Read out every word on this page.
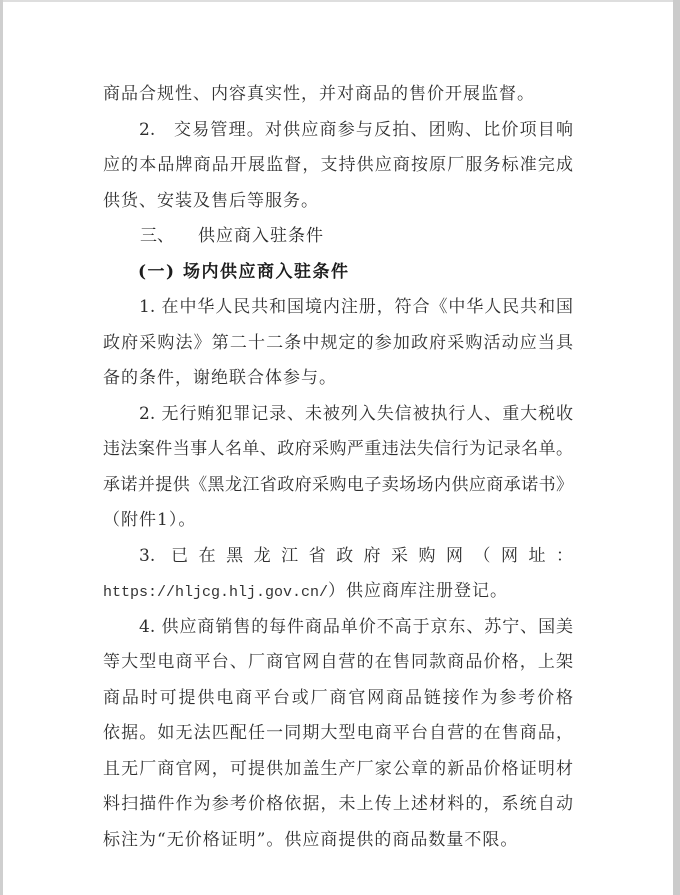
商品合规性、内容真实性，并对商品的售价开展监督。
2.	交易管理。对供应商参与反拍、团购、比价项目响
应的本品牌商品开展监督，支持供应商按原厂服务标准完成
供货、安装及售后等服务。
三、	供应商入驻条件
(一) 场内供应商入驻条件
1. 在中华人民共和国境内注册，符合《中华人民共和国
政府采购法》第二十二条中规定的参加政府采购活动应当具
备的条件，谢绝联合体参与。
2. 无行贿犯罪记录、未被列入失信被执行人、重大税收
违法案件当事人名单、政府采购严重违法失信行为记录名单。
承诺并提供《黑龙江省政府采购电子卖场场内供应商承诺书》
（附件1）。
3. 已在黑龙江省政府采购网（网址：
https://hljcg.hlj.gov.cn/）供应商库注册登记。
4. 供应商销售的每件商品单价不高于京东、苏宁、国美
等大型电商平台、厂商官网自营的在售同款商品价格，上架
商品时可提供电商平台或厂商官网商品链接作为参考价格
依据。如无法匹配任一同期大型电商平台自营的在售商品，
且无厂商官网，可提供加盖生产厂家公章的新品价格证明材
料扫描件作为参考价格依据，未上传上述材料的，系统自动
标注为“无价格证明”。供应商提供的商品数量不限。
